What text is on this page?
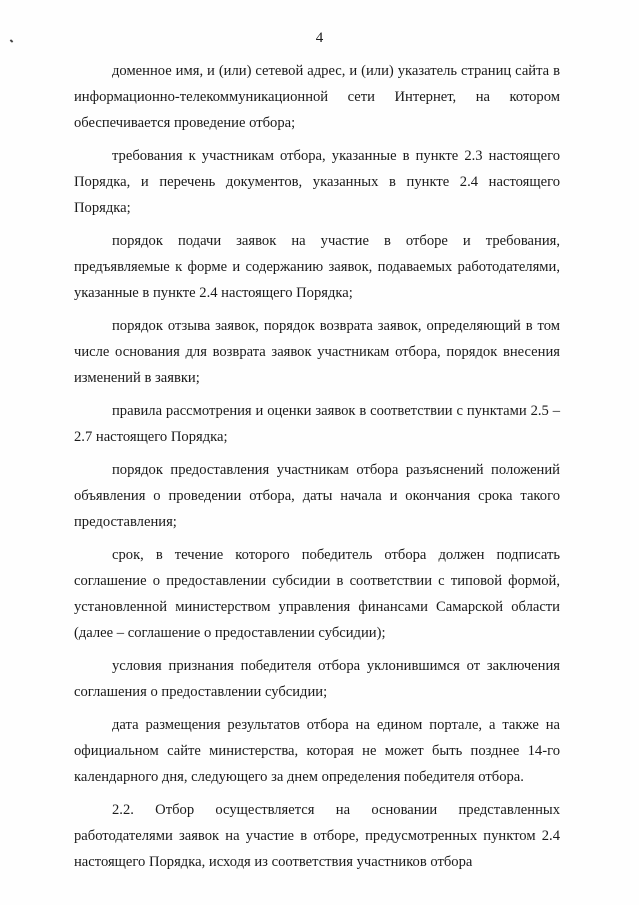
4

доменное имя, и (или) сетевой адрес, и (или) указатель страниц сайта в информационно-телекоммуникационной сети Интернет, на котором обеспечивается проведение отбора;

требования к участникам отбора, указанные в пункте 2.3 настоящего Порядка, и перечень документов, указанных в пункте 2.4 настоящего Порядка;

порядок подачи заявок на участие в отборе и требования, предъявляемые к форме и содержанию заявок, подаваемых работодателями, указанные в пункте 2.4 настоящего Порядка;

порядок отзыва заявок, порядок возврата заявок, определяющий в том числе основания для возврата заявок участникам отбора, порядок внесения изменений в заявки;

правила рассмотрения и оценки заявок в соответствии с пунктами 2.5 – 2.7 настоящего Порядка;

порядок предоставления участникам отбора разъяснений положений объявления о проведении отбора, даты начала и окончания срока такого предоставления;

срок, в течение которого победитель отбора должен подписать соглашение о предоставлении субсидии в соответствии с типовой формой, установленной министерством управления финансами Самарской области (далее – соглашение о предоставлении субсидии);

условия признания победителя отбора уклонившимся от заключения соглашения о предоставлении субсидии;

дата размещения результатов отбора на едином портале, а также на официальном сайте министерства, которая не может быть позднее 14-го календарного дня, следующего за днем определения победителя отбора.

2.2. Отбор осуществляется на основании представленных работодателями заявок на участие в отборе, предусмотренных пунктом 2.4 настоящего Порядка, исходя из соответствия участников отбора
